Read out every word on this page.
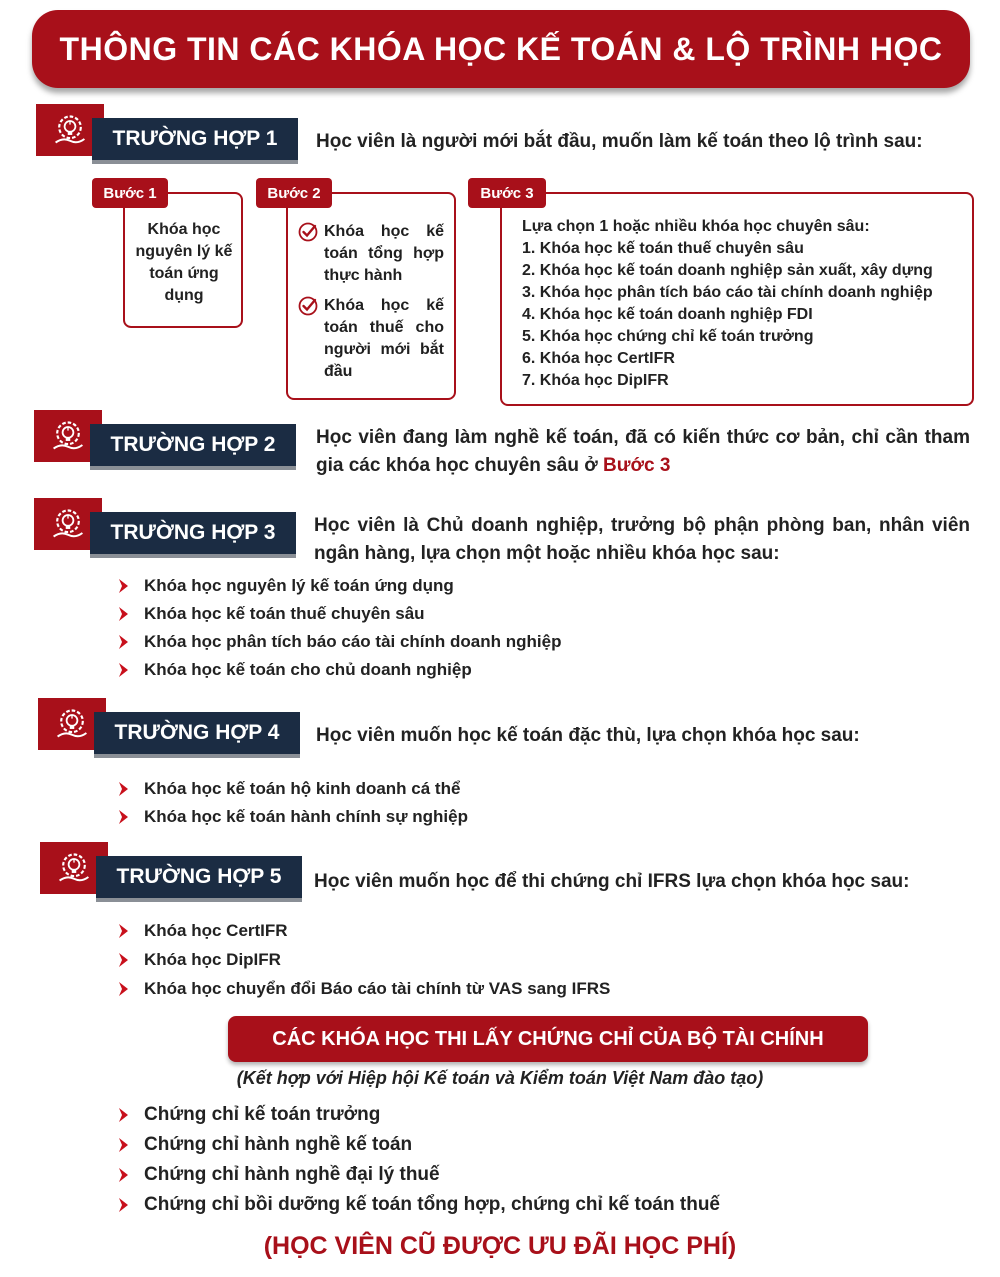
THÔNG TIN CÁC KHÓA HỌC KẾ TOÁN & LỘ TRÌNH HỌC
TRƯỜNG HỢP 1	Học viên là người mới bắt đầu, muốn làm kế toán theo lộ trình sau:
Bước 1
Khóa học nguyên lý kế toán ứng dụng
Bước 2
Khóa học kế toán tổng hợp thực hành
Khóa học kế toán thuế cho người mới bắt đầu
Bước 3
Lựa chọn 1 hoặc nhiều khóa học chuyên sâu:
1. Khóa học kế toán thuế chuyên sâu
2. Khóa học kế toán doanh nghiệp sản xuất, xây dựng
3. Khóa học phân tích báo cáo tài chính doanh nghiệp
4. Khóa học kế toán doanh nghiệp FDI
5. Khóa học chứng chỉ kế toán trưởng
6. Khóa học CertIFR
7. Khóa học DipIFR
TRƯỜNG HỢP 2	Học viên đang làm nghề kế toán, đã có kiến thức cơ bản, chỉ cần tham gia các khóa học chuyên sâu ở Bước 3
TRƯỜNG HỢP 3	Học viên là Chủ doanh nghiệp, trưởng bộ phận phòng ban, nhân viên ngân hàng, lựa chọn một hoặc nhiều khóa học sau:
Khóa học nguyên lý kế toán ứng dụng
Khóa học kế toán thuế chuyên sâu
Khóa học phân tích báo cáo tài chính doanh nghiệp
Khóa học kế toán cho chủ doanh nghiệp
TRƯỜNG HỢP 4	Học viên muốn học kế toán đặc thù, lựa chọn khóa học sau:
Khóa học kế toán hộ kinh doanh cá thể
Khóa học kế toán hành chính sự nghiệp
TRƯỜNG HỢP 5	Học viên muốn học để thi chứng chỉ IFRS lựa chọn khóa học sau:
Khóa học CertIFR
Khóa học DipIFR
Khóa học chuyển đổi Báo cáo tài chính từ VAS sang IFRS
CÁC KHÓA HỌC THI LẤY CHỨNG CHỈ CỦA BỘ TÀI CHÍNH
(Kết hợp với Hiệp hội Kế toán và Kiểm toán Việt Nam đào tạo)
Chứng chỉ kế toán trưởng
Chứng chỉ hành nghề kế toán
Chứng chỉ hành nghề đại lý thuế
Chứng chỉ bồi dưỡng kế toán tổng hợp, chứng chỉ kế toán thuế
(HỌC VIÊN CŨ ĐƯỢC ƯU ĐÃI HỌC PHÍ)
